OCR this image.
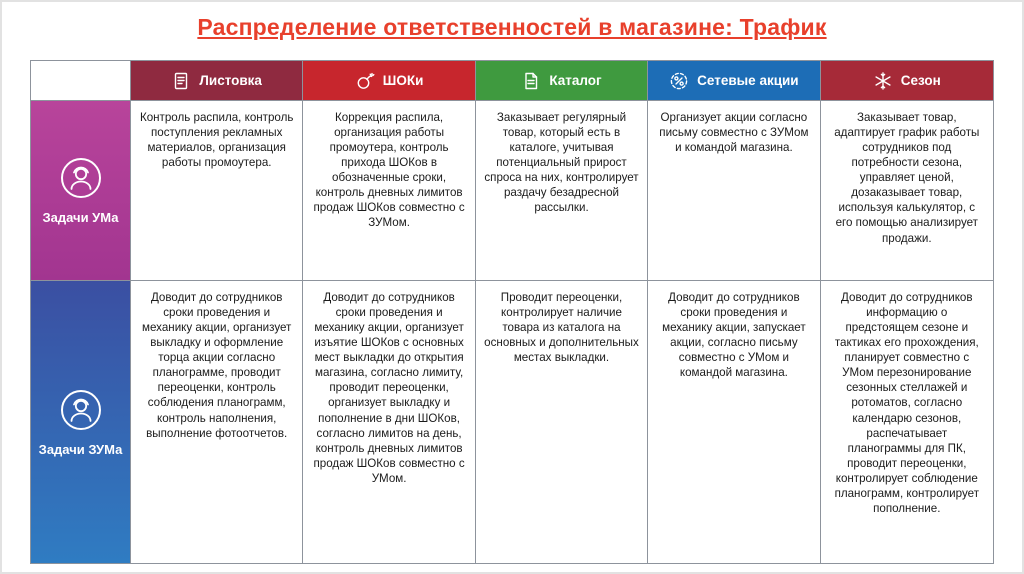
Распределение ответственностей в магазине: Трафик
Листовка	ШОКи	Каталог	Сетевые акции	Сезон
Задачи УМа
Контроль распила, контроль поступления рекламных материалов, организация работы промоутера.
Коррекция распила, организация работы промоутера, контроль прихода ШОКов в обозначенные сроки, контроль дневных лимитов продаж ШОКов совместно с ЗУМом.
Заказывает регулярный товар, который есть в каталоге, учитывая потенциальный прирост спроса на них, контролирует раздачу безадресной рассылки.
Организует акции согласно письму совместно с ЗУМом и командой магазина.
Заказывает товар, адаптирует график работы сотрудников под потребности сезона, управляет ценой, дозаказывает товар, используя калькулятор, с его помощью анализирует продажи.
Задачи ЗУМа
Доводит до сотрудников сроки проведения и механику акции, организует выкладку и оформление торца акции согласно планограмме, проводит переоценки, контроль соблюдения планограмм, контроль наполнения, выполнение фотоотчетов.
Доводит до сотрудников сроки проведения и механику акции, организует изъятие ШОКов с основных мест выкладки до открытия магазина, согласно лимиту, проводит переоценки, организует выкладку и пополнение в дни ШОКов, согласно лимитов на день, контроль дневных лимитов продаж ШОКов совместно с УМом.
Проводит переоценки, контролирует наличие товара из каталога на основных и дополнительных местах выкладки.
Доводит до сотрудников сроки проведения и механику акции, запускает акции, согласно письму совместно с УМом и командой магазина.
Доводит до сотрудников информацию о предстоящем сезоне и тактиках его прохождения, планирует совместно с УМом перезонирование сезонных стеллажей и ротоматов, согласно календарю сезонов, распечатывает планограммы для ПК, проводит переоценки, контролирует соблюдение планограмм, контролирует пополнение.
